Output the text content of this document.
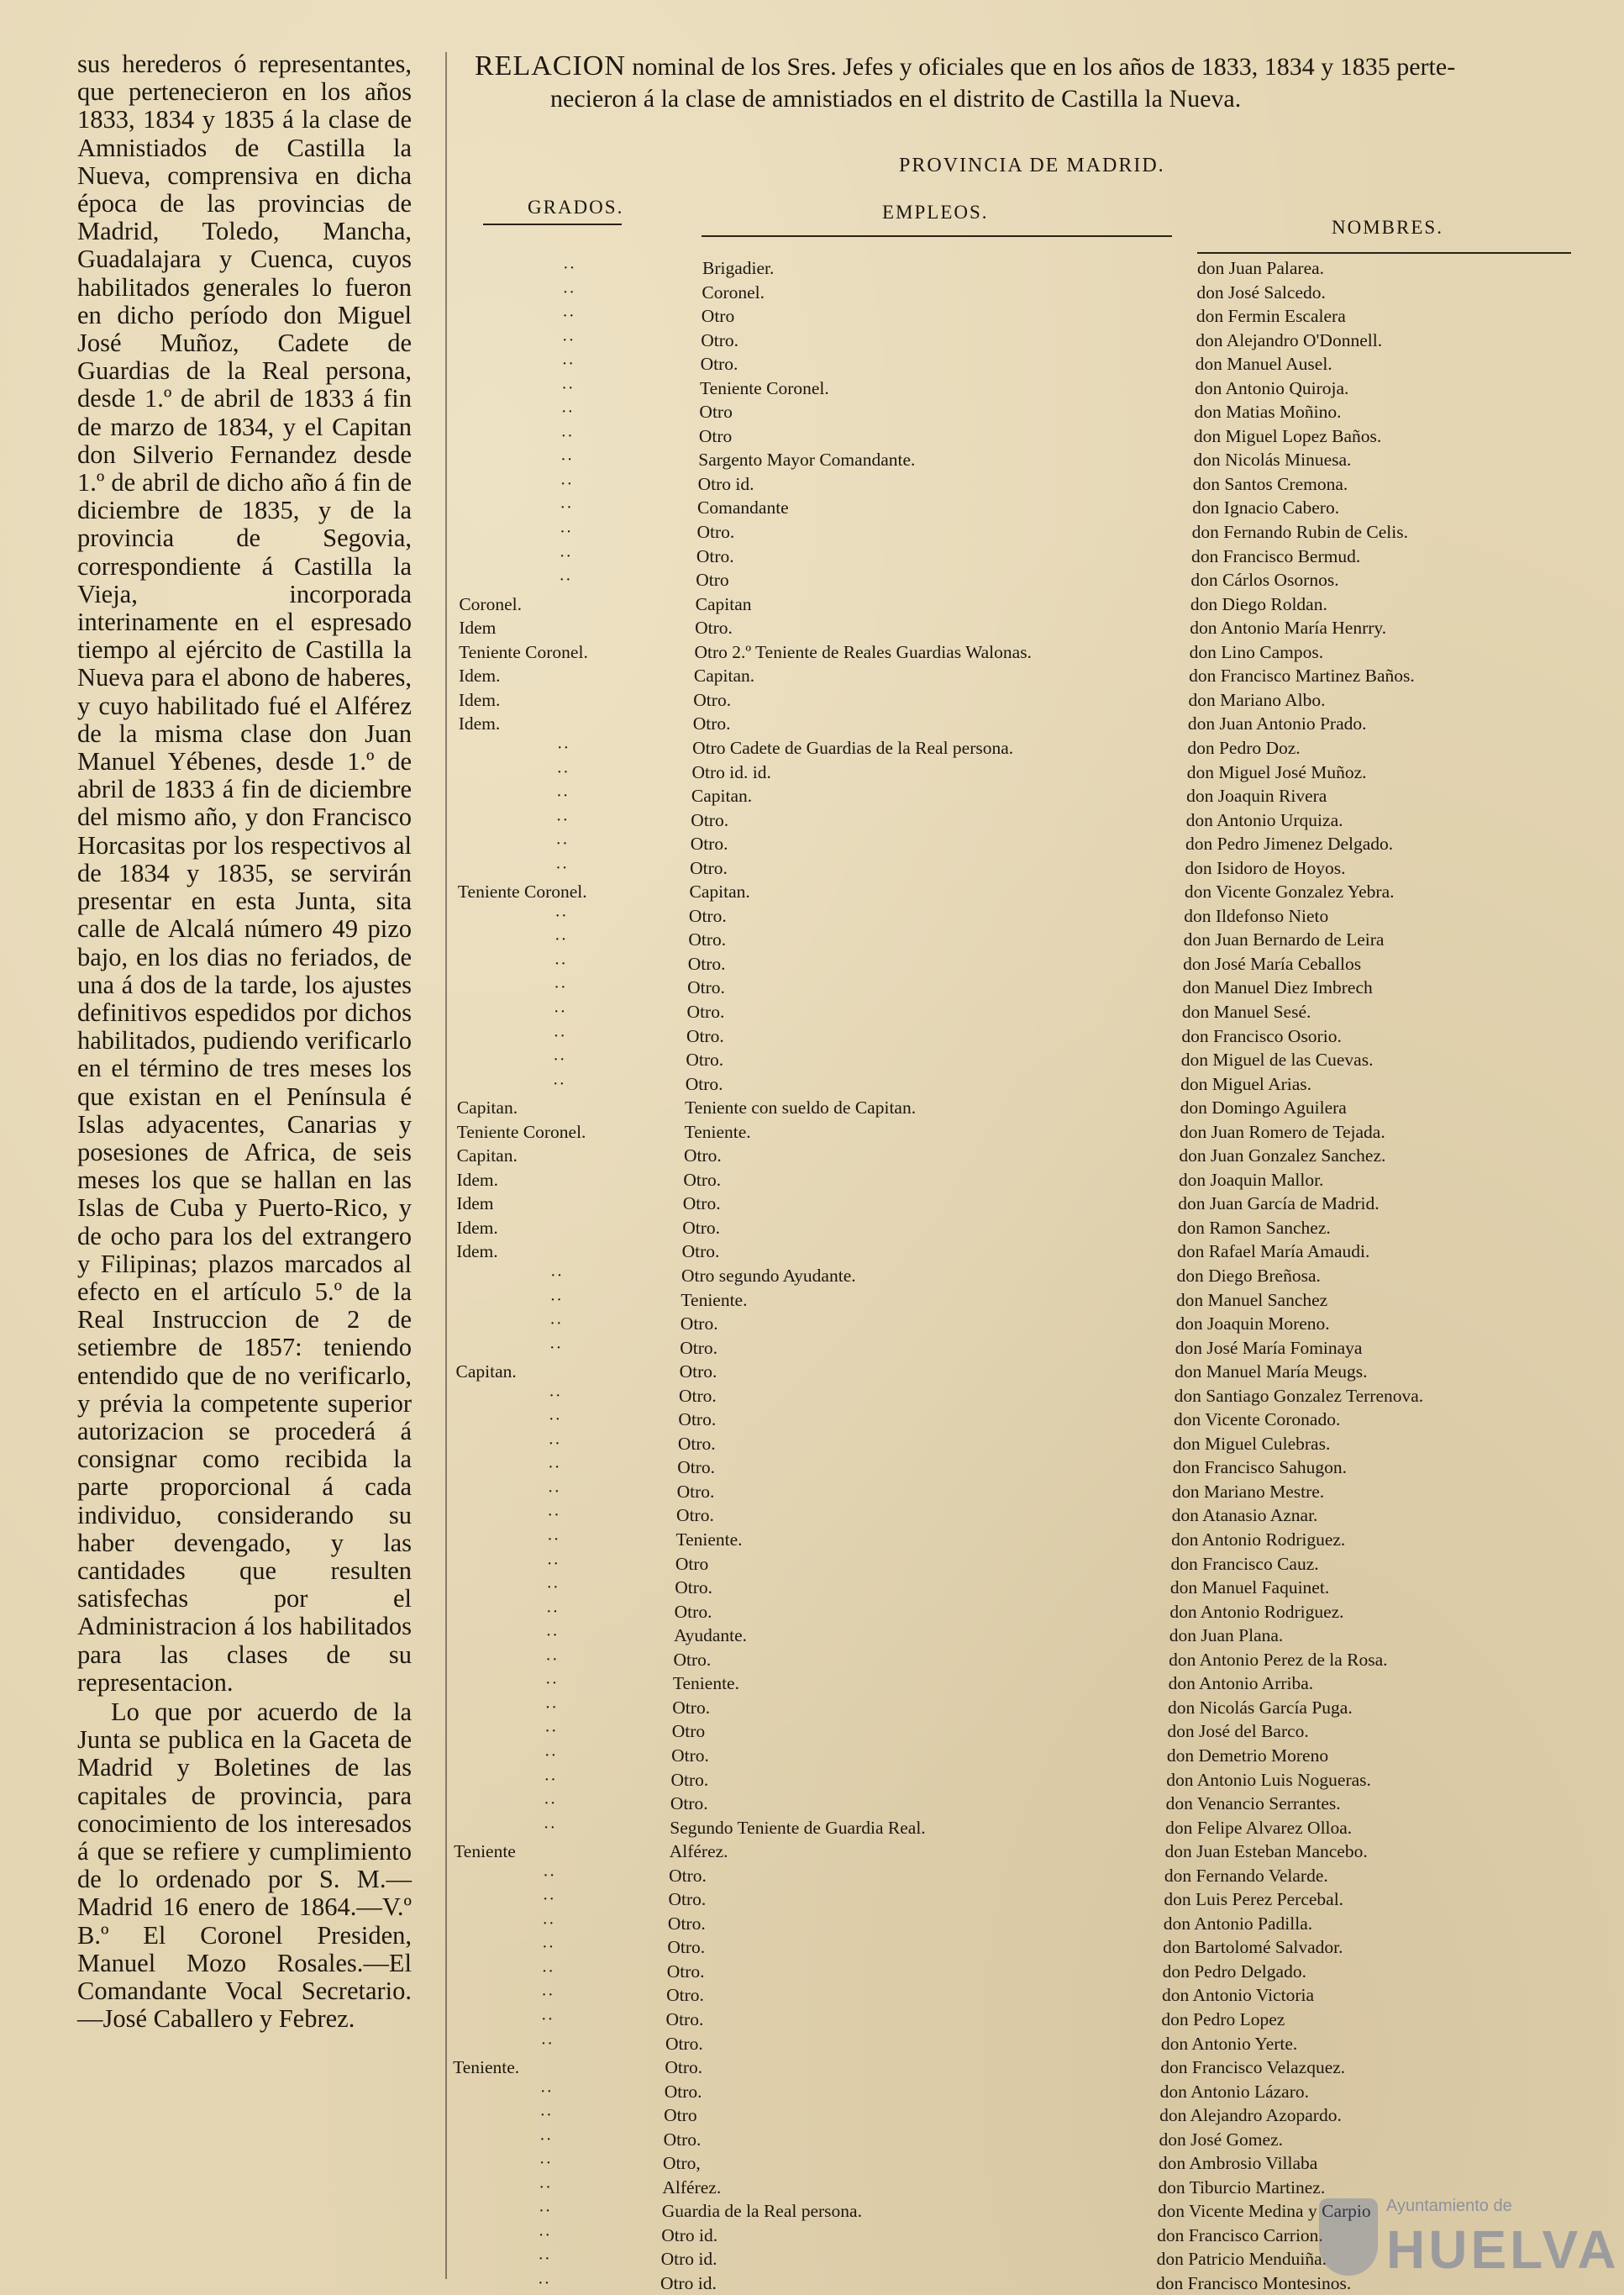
sus herederos ó representantes, que pertenecieron en los años 1833, 1834 y 1835 á la clase de Amnistiados de Castilla la Nueva, comprensiva en dicha época de las provincias de Madrid, Toledo, Mancha, Guadalajara y Cuenca, cuyos habilitados generales lo fueron en dicho período don Miguel José Muñoz, Cadete de Guardias de la Real persona, desde 1.º de abril de 1833 á fin de marzo de 1834, y el Capitan don Silverio Fernandez desde 1.º de abril de dicho año á fin de diciembre de 1835, y de la provincia de Segovia, correspondiente á Castilla la Vieja, incorporada interinamente en el espresado tiempo al ejército de Castilla la Nueva para el abono de haberes, y cuyo habilitado fué el Alférez de la misma clase don Juan Manuel Yébenes, desde 1.º de abril de 1833 á fin de diciembre del mismo año, y don Francisco Horcasitas por los respectivos al de 1834 y 1835, se servirán presentar en esta Junta, sita calle de Alcalá número 49 pizo bajo, en los dias no feriados, de una á dos de la tarde, los ajustes definitivos espedidos por dichos habilitados, pudiendo verificarlo en el término de tres meses los que existan en el Península é Islas adyacentes, Canarias y posesiones de Africa, de seis meses los que se hallan en las Islas de Cuba y Puerto-Rico, y de ocho para los del extrangero y Filipinas; plazos marcados al efecto en el artículo 5.º de la Real Instruccion de 2 de setiembre de 1857: teniendo entendido que de no verificarlo, y prévia la competente superior autorizacion se procederá á consignar como recibida la parte proporcional á cada individuo, considerando su haber devengado, y las cantidades que resulten satisfechas por el Administracion á los habilitados para las clases de su representacion.

Lo que por acuerdo de la Junta se publica en la Gaceta de Madrid y Boletines de las capitales de provincia, para conocimiento de los interesados á que se refiere y cumplimiento de lo ordenado por S. M.—Madrid 16 enero de 1864.—V.º B.º El Coronel Presiden, Manuel Mozo Rosales.—El Comandante Vocal Secretario.—José Caballero y Febrez.

RELACION nominal de los Sres. Jefes y oficiales que en los años de 1833, 1834 y 1835 perte-
necieron á la clase de amnistiados en el distrito de Castilla la Nueva.
PROVINCIA DE MADRID.
GRADOS.	EMPLEOS.
NOMBRES.
··	Brigadier.	don Juan Palarea.
··	Coronel.	don José Salcedo.
··	Otro	don Fermin Escalera
··	Otro.	don Alejandro O'Donnell.
··	Otro.	don Manuel Ausel.
··	Teniente Coronel.	don Antonio Quiroja.
··	Otro	don Matias Moñino.
··	Otro	don Miguel Lopez Baños.
··	Sargento Mayor Comandante.	don Nicolás Minuesa.
··	Otro id.	don Santos Cremona.
··	Comandante	don Ignacio Cabero.
··	Otro.	don Fernando Rubin de Celis.
··	Otro.	don Francisco Bermud.
··	Otro	don Cárlos Osornos.
Coronel.	Capitan	don Diego Roldan.
Idem	Otro.	don Antonio María Henrry.
Teniente Coronel.	Otro 2.º Teniente de Reales Guardias Walonas.	don Lino Campos.
Idem.	Capitan.	don Francisco Martinez Baños.
Idem.	Otro.	don Mariano Albo.
Idem.	Otro.	don Juan Antonio Prado.
··	Otro Cadete de Guardias de la Real persona.	don Pedro Doz.
··	Otro id. id.	don Miguel José Muñoz.
··	Capitan.	don Joaquin Rivera
··	Otro.	don Antonio Urquiza.
··	Otro.	don Pedro Jimenez Delgado.
··	Otro.	don Isidoro de Hoyos.
Teniente Coronel.	Capitan.	don Vicente Gonzalez Yebra.
··	Otro.	don Ildefonso Nieto
··	Otro.	don Juan Bernardo de Leira
··	Otro.	don José María Ceballos
··	Otro.	don Manuel Diez Imbrech
··	Otro.	don Manuel Sesé.
··	Otro.	don Francisco Osorio.
··	Otro.	don Miguel de las Cuevas.
··	Otro.	don Miguel Arias.
Capitan.	Teniente con sueldo de Capitan.	don Domingo Aguilera
Teniente Coronel.	Teniente.	don Juan Romero de Tejada.
Capitan.	Otro.	don Juan Gonzalez Sanchez.
Idem.	Otro.	don Joaquin Mallor.
Idem	Otro.	don Juan García de Madrid.
Idem.	Otro.	don Ramon Sanchez.
Idem.	Otro.	don Rafael María Amaudi.
··	Otro segundo Ayudante.	don Diego Breñosa.
··	Teniente.	don Manuel Sanchez
··	Otro.	don Joaquin Moreno.
··	Otro.	don José María Fominaya
Capitan.	Otro.	don Manuel María Meugs.
··	Otro.	don Santiago Gonzalez Terrenova.
··	Otro.	don Vicente Coronado.
··	Otro.	don Miguel Culebras.
··	Otro.	don Francisco Sahugon.
··	Otro.	don Mariano Mestre.
··	Otro.	don Atanasio Aznar.
··	Teniente.	don Antonio Rodriguez.
··	Otro	don Francisco Cauz.
··	Otro.	don Manuel Faquinet.
··	Otro.	don Antonio Rodriguez.
··	Ayudante.	don Juan Plana.
··	Otro.	don Antonio Perez de la Rosa.
··	Teniente.	don Antonio Arriba.
··	Otro.	don Nicolás García Puga.
··	Otro	don José del Barco.
··	Otro.	don Demetrio Moreno
··	Otro.	don Antonio Luis Nogueras.
··	Otro.	don Venancio Serrantes.
··	Segundo Teniente de Guardia Real.	don Felipe Alvarez Olloa.
Teniente	Alférez.	don Juan Esteban Mancebo.
··	Otro.	don Fernando Velarde.
··	Otro.	don Luis Perez Percebal.
··	Otro.	don Antonio Padilla.
··	Otro.	don Bartolomé Salvador.
··	Otro.	don Pedro Delgado.
··	Otro.	don Antonio Victoria
··	Otro.	don Pedro Lopez
··	Otro.	don Antonio Yerte.
Teniente.	Otro.	don Francisco Velazquez.
··	Otro.	don Antonio Lázaro.
··	Otro	don Alejandro Azopardo.
··	Otro.	don José Gomez.
··	Otro,	don Ambrosio Villaba
··	Alférez.	don Tiburcio Martinez.
··	Guardia de la Real persona.	don Vicente Medina y Carpio
··	Otro id.	don Francisco Carrion.
··	Otro id.	don Patricio Menduiña.
··	Otro id.	don Francisco Montesinos.
Ayuntamiento de
HUELVA
